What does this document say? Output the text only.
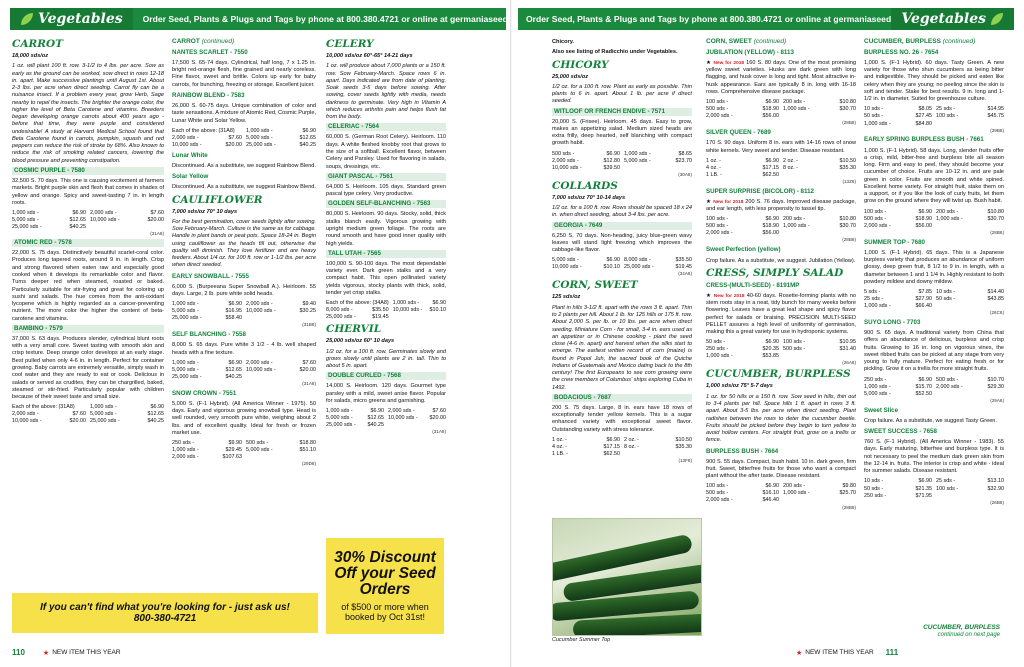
Vegetables Order Seed, Plants & Plugs and Tags by phone at 800.380.4721 or online at germaniaseed
CARROT
18,000 sds/oz
1 oz. will plant 100 ft. row. 3-1/2 to 4 lbs. per acre. Sow as early as the ground can be worked, sow direct in rows 12-18 in. apart. Make successive plantings until August 1st. About 2-3 lbs. per acre when direct seeding. Carrot fly can be a nuisance insect. If a problem every year, grow Herb, Sage nearby to repel the insects. The brighter the orange color, the higher the level of Beta Carotene and vitamins. Breeders began developing orange carrots about 400 years ago - before that time, they were purple and considered undesirable! A study at Harvard Medical School found that Beta Carotene found in carrots, pumpkin, squash and red peppers can reduce the risk of stroke by 68%. Also known to reduce the risk of smoking related cancers, lowering the blood pressure and preventing constipation.
COSMIC PURPLE - 7580
32,500 S. 70 days. This one is causing excitement at farmers markets. Bright purple skin and flesh that comes in shades of yellow and orange. Spicy and sweet-tasting 7 in. in length roots.
1,000 sds -	$6.90 2,000 sds -	$7.60
5,000 sds -	$12.65 10,000 sds -	$20.00
25,000 sds -	$40.25
(31A8)
ATOMIC RED - 7578
22,000 S. 75 days. Distinctively beautiful scarlet-coral color. Produces long tapered roots, around 9 in. in length. Crisp and strong flavored when eaten raw and especially good cooked when it develops its remarkable color and flavor. Turns deeper red when steamed, roasted or baked. Particularly suitable for stir-frying and great for coloring up sushi and salads. The hue comes from the anti-oxidant lycopene which is highly regarded as a cancer-preventing nutrient. The more color the higher the content of beta-carotene and vitamins.
BAMBINO - 7579
37,000 S. 63 days. Produces slender, cylindrical blunt roots with a very small core. Sweet tasting with smooth skin and crisp texture. Deep orange color develops at an early stage. Best pulled when only 4-6 in. in length. Perfect for container growing. Baby carrots are extremely versatile, simply wash in cool water and they are ready to eat or cook. Delicious in salads or served as crudites, they can be chargrilled, baked, steamed or stir-fried. Particularly popular with children because of their sweet taste and small size.
Each of the above: (31A8)	1,000 sds -	$6.90
2,000 sds -	$7.60 5,000 sds -	$12.65
10,000 sds -	$20.00 25,000 sds -	$40.25
CARROT (continued)
NANTES SCARLET - 7550
17,500 S. 65-74 days. Cylindrical, half long, 7 x 1.25 in. bright red-orange flesh, fine grained and nearly coreless. Fine flavor, sweet and brittle. Colors up early for baby carrots, for bunching, freezing or storage. Excellent juicer.
RAINBOW BLEND - 7583
26,000 S. 60-75 days. Unique combination of color and taste sensations. A mixture of Atomic Red, Cosmic Purple, Lunar White and Solar Yellow.
Each of the above: (31A8) 1,000 sds -	$6.90
2,000 sds -	$7.60 5,000 sds -	$12.65
10,000 sds -	$20.00 25,000 sds -	$40.25
Lunar White
Discontinued. As a substitute, we suggest Rainbow Blend.
Solar Yellow
Discontinued. As a substitute, we suggest Rainbow Blend.
CAULIFLOWER
7,000 sds/oz 70° 10 days
For the best germination, cover seeds lightly after sowing. Sow February-March. Culture is the same as for cabbage. Handle in plant bands or peat pots. Space 18-24 in. Begin using cauliflower as the heads fill out, otherwise the quality will diminish. They love fertilizer and are heavy feeders. About 1/4 oz. for 100 ft. row or 1-1/2 lbs. per acre when direct seeded.
EARLY SNOWBALL - 7555
6,000 S. (Burpeeana Super Snowball A.). Heirloom. 55 days. Large, 2 lb. pure white solid heads.
1,000 sds -	$6.90 2,000 sds -	$9.40
5,000 sds -	$16.95 10,000 sds -	$30.25
25,000 sds -	$58.40
(31B8)
SELF BLANCHING - 7558
8,000 S. 65 days. Pure white 3 1/2 - 4 lb. well shaped heads with a fine texture.
1,000 sds -	$6.90 2,000 sds -	$7.60
5,000 sds -	$12.65 10,000 sds -	$20.00
25,000 sds -	$40.25
(31A8)
SNOW CROWN - 7551
5,000 S. (F-1 Hybrid). (All America Winner - 1975). 50 days. Early and vigorous growing snowball type. Head is well rounded, very smooth pure white, weighing about 2 lbs. and of excellent quality. Ideal for fresh or frozen market use.
250 sds -	$9.90 500 sds -	$18.80
1,000 sds -	$29.45 5,000 sds -	$51.10
2,000 sds -	$107.63
(29D8)
CELERY
10,000 sds/oz 60°-65° 14-21 days
1 oz. will produce about 7,000 plants or a 150 ft. row. Sow February-March. Space rows 6 in. apart. Days indicated are from date of planting. Soak seeds 3-5 days before sowing. After sowing, cover seeds lightly with media, needs darkness to germinate. Very high in Vitamin A which reduces arthritis pain and helps flush fat from the body.
CELERIAC - 7564
60,000 S. (German Root Celery). Heirloom. 110 days. A white fleshed knobby root that grows to the size of a softball. Excellent flavor, between Celery and Parsley. Used for flavoring in salads, soups, dressings, etc.
GIANT PASCAL - 7561
64,000 S. Heirloom. 105 days. Standard green pascal type celery. Very productive.
GOLDEN SELF-BLANCHING - 7563
80,000 S. Heirloom. 90 days. Stocky, solid, thick stalks blanch easily. Vigorous growing with upright medium green foliage. The roots are round smooth and have good inner quality with high yields.
TALL UTAH - 7565
100,000 S. 90-100 days. The most dependable variety ever. Dark green stalks and a very compact habit. This open pollinated variety yields vigorous, stocky plants with thick, solid, tender yet crisp stalks.
Each of the above: (34A8) 1,000 sds - $6.90
8,000 sds -	$35.50 10,000 sds - $10.10
25,000 sds -	$19.45
CHERVIL
25,000 sds/oz 60° 10 days
1/2 oz. for a 100 ft. row. Germinates slowly and grows slowly until plants are 2 in. tall. Thin to about 5 in. apart.
DOUBLE CURLED - 7568
14,000 S. Heirloom. 120 days. Gourmet type parsley with a mild, sweet anise flavor. Popular for salads, micro greens and garnishing.
1,000 sds -	$6.90 2,000 sds -	$7.60
5,000 sds -	$12.65 10,000 sds - $20.00
25,000 sds - $40.25
(31A8)
If you can't find what you're looking for - just ask us!
800-380-4721
30% Discount Off your Seed Orders
of $500 or more when booked by Oct 31st!
110	★ NEW ITEM THIS YEAR
Order Seed, Plants & Plugs and Tags by phone at 800.380.4721 or online at germaniaseed Vegetables
★ NEW ITEM THIS YEAR 111
Chicory.
Also see listing of Radicchio under Vegetables.
CHICORY
25,000 sds/oz
1/2 oz. for a 100 ft. row. Plant as early as possible. Thin plants to 6 in. apart. About 1 lb. per acre if direct seeded.
WITLOOF OR FRENCH ENDIVE - 7571
20,000 S. (Frisee). Heirloom. 45 days. Easy to grow, makes an appetizing salad. Medium sized heads are extra frilly, deep hearted, self blanching with compact growth habit.
500 sds -	$6.90 1,000 sds -	$8.65
2,000 sds -	$12.80 5,000 sds -	$23.70
10,000 sds -	$39.50
(30A8)
COLLARDS
7,000 sds/oz 70° 10-14 days
1/2 oz. for a 100 ft. row. Rows should be spaced 18 x 24 in. when direct seeding, about 3-4 lbs. per acre.
GEORGIA - 7649
6,250 S. 70 days. Non-heading, juicy blue-green wavy leaves will stand light freezing which improves the cabbage-like flavor.
5,000 sds -	$6.90 8,000 sds -	$35.50
10,000 sds -	$10.10 25,000 sds -	$19.45
(34A8)
CORN, SWEET
125 sds/oz
Plant in hills 3-1/2 ft. apart with the rows 3 ft. apart. Thin to 2 plants per hill. About 1 lb. for 125 hills or 175 ft. row. About 2,000 S. per lb. or 10 lbs. per acre when direct seeding. Miniature Corn - for small, 3-4 in. ears used as an appetizer or in Chinese cooking - plant the seed close (4-6 in. apart) and harvest when the silks start to emerge. The earliest written record of corn (maize) is found in Popol Juh, the sacred book of the Quiche Indians of Guatemala and Mexico dating back to the 8th century! The first Europeans to see corn growing were the crew members of Columbus' ships exploring Cuba in 1492.
BODACIOUS - 7687
200 S. 75 days. Large, 8 in. ears have 18 rows of exceptionally tender yellow kernels. This is a sugar enhanced variety with exceptional sweet flavor. Outstanding variety with stress tolerance.
1 oz. -	$6.90 2 oz. -	$10.50
4 oz. -	$17.15 8 oz. -	$35.30
1 LB. -	$62.50
(13F8)
CORN, SWEET (continued)
JUBILATION (YELLOW) - 8113
★ New for 2018 160 S. 80 days. One of the most promising yellow sweet varieties. Husks are dark green with long flagging, and husk cover is long and tight. Most attractive in-husk appearance. Ears are typically 8 in. long with 16-18 rows. Comprehensive disease package.
100 sds -	$6.90 200 sds -	$10.80
500 sds -	$18.90 1,000 sds -	$30.70
2,000 sds -	$56.00
(28B8)
SILVER QUEEN - 7689
170 S. 90 days. Uniform 8 in. ears with 14-16 rows of snow white kernels. Very sweet and tender. Disease resistant.
1 oz. -	$6.90 2 oz. -	$10.50
4 oz. -	$17.15 8 oz. -	$35.30
1 LB. -	$62.50
(13Z8)
SUPER SURPRISE (BICOLOR) - 8112
★ New for 2018 200 S. 76 days. Improved disease package, and ear length, with less propensity to tassel tip.
100 sds -	$6.90 200 sds -	$10.80
500 sds -	$18.90 1,000 sds -	$30.70
2,000 sds -	$56.00
(28B8)
Sweet Perfection (yellow)
Crop failure. As a substitute, we suggest. Jubilation (Yellow).
CRESS, SIMPLY SALAD
CRESS-(MULTI-SEED) - 8191MP
★ New for 2018 40-60 days. Rosette-forming plants with no stem roots stay in a neat, tidy bunch for many weeks before flowering. Leaves have a great leaf shape and spicy flavor perfect for salads or braising. PRECISION MULTI-SEED PELLET assures a high level of uniformity of germination, making this a great variety for use in hydroponic systems.
50 sds -	$6.90 100 sds -	$10.95
250 sds -	$20.35 500 sds -	$31.40
1,000 sds -	$53.85
(26A8)
CUCUMBER, BURPLESS
1,000 sds/oz 75° 5-7 days
1 oz. for 50 hills or a 150 ft. row. Sow seed in hills, thin out to 3-4 plants per hill. Space hills 1 ft. apart in rows 3 ft. apart. About 3-5 lbs. per acre when direct seeding. Plant radishes between the rows to deter the cucumber beetle. Fruits should be picked before they begin to turn yellow to avoid hollow centers. For straight fruit, grow on a trellis or fence.
BURPLESS BUSH - 7664
900 S. 55 days. Compact, bush habit. 10 in. dark green, firm fruit. Sweet, bitterfree fruits for those who want a compact plant without the after taste. Disease resistant.
100 sds -	$6.90 200 sds -	$9.80
500 sds -	$16.10 1,000 sds -	$25.70
2,000 sds -	$46.40
(28B8)
CUCUMBER, BURPLESS (continued)
BURPLESS NO. 26 - 7654
1,000 S. (F-1 Hybrid). 60 days. Tasty Green. A new variety for those who shun cucumbers as being bitter and indigestible. They should be picked and eaten like celery when they are young; no peeling since the skin is soft and tender. Stake for best results. 9 in. long and 1-1/2 in. in diameter. Suited for greenhouse culture.
10 sds -	$8.05 25 sds -	$14.95
50 sds -	$27.45 100 sds -	$45.75
1,000 sds -	$84.80
(29B8)
EARLY SPRING BURPLESS BUSH - 7661
1,000 S. (F-1 Hybrid). 58 days. Long, slender fruits offer a crisp, mild, bitter-free and burpless bite all season long. Firm and easy to peel, they should become your cucumber of choice. Fruits are 10-12 in. and are pale green in color. Fruits are smooth and white spined. Excellent home variety. For straight fruit, stake them on a support, or if you like the look of curly fruits, let them grow on the ground where they will twist up. Bush habit.
100 sds -	$6.90 200 sds -	$10.80
500 sds -	$18.90 1,000 sds -	$30.70
2,000 sds -	$56.00
(28B8)
SUMMER TOP - 7680
1,000 S. (F-1 Hybrid). 65 days. This is a Japanese burpless variety that produces an abundance of uniform glossy, deep green fruit, 8 1/2 to 9 in. in length, with a diameter between 1 and 1 1/4 in. Highly resistant to both powdery mildew and downy mildew.
5 sds -	$7.85 10 sds -	$14.40
25 sds -	$27.90 50 sds -	$43.85
1,000 sds -	$66.40
(26C8)
SUYO LONG - 7703
900 S. 65 days. A traditional variety from China that offers an abundance of delicious, burpless and crisp fruits. Growing to 16 in. long on vigorous vines, the sweet ribbed fruits can be picked at any stage from very young to fully mature. Perfect for eating fresh or for pickling. Grow it on a trellis for more straight fruits.
250 sds -	$6.90 500 sds -	$10.70
1,000 sds -	$15.70 2,000 sds -	$29.30
5,000 sds -	$52.50
(29A8)
Sweet Slice
Crop failure. As a substitute, we suggest Tasty Green.
SWEET SUCCESS - 7658
760 S. (F-1 Hybrid). (All America Winner - 1983). 55 days. Early maturing, bitterfree and burpless type. It is not necessary to peel the medium dark green skin from the 12-14 in. fruits. The interior is crisp and white - ideal for summer salads. Disease resistant.
10 sds -	$6.90 25 sds -	$13.10
50 sds -	$21.35 100 sds -	$32.90
250 sds -	$71.95
(26B8)
Cucumber Summer Top
CUCUMBER, BURPLESS
continued on next page
